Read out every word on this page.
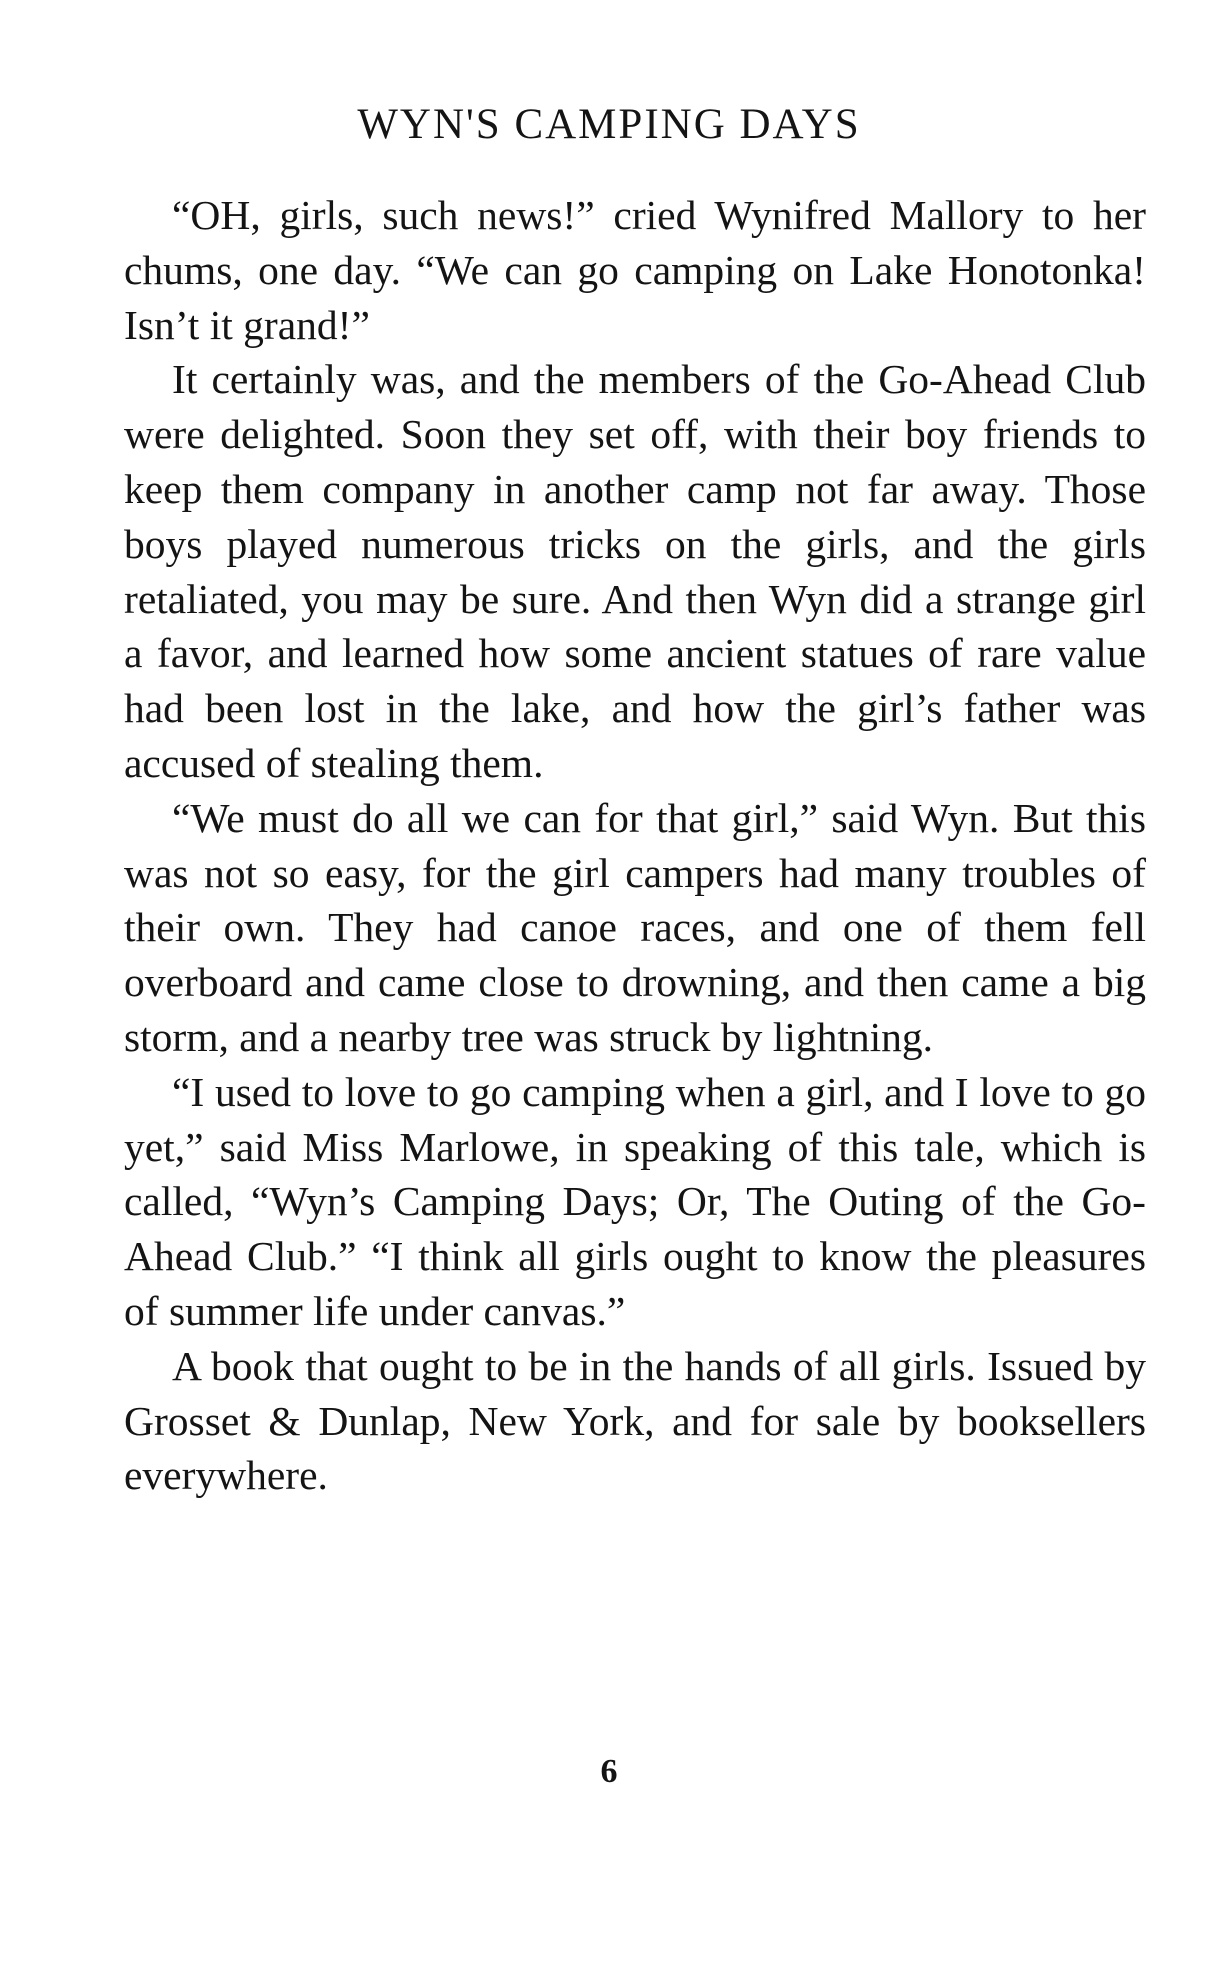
WYN'S CAMPING DAYS

“OH, girls, such news!” cried Wynifred Mallory to her chums, one day. “We can go camping on Lake Honotonka! Isn’t it grand!”

It certainly was, and the members of the Go-Ahead Club were delighted. Soon they set off, with their boy friends to keep them company in another camp not far away. Those boys played numerous tricks on the girls, and the girls retaliated, you may be sure. And then Wyn did a strange girl a favor, and learned how some ancient statues of rare value had been lost in the lake, and how the girl’s father was accused of stealing them.

“We must do all we can for that girl,” said Wyn. But this was not so easy, for the girl campers had many troubles of their own. They had canoe races, and one of them fell overboard and came close to drowning, and then came a big storm, and a nearby tree was struck by lightning.

“I used to love to go camping when a girl, and I love to go yet,” said Miss Marlowe, in speaking of this tale, which is called, “Wyn’s Camping Days; Or, The Outing of the Go-Ahead Club.” “I think all girls ought to know the pleasures of summer life under canvas.”

A book that ought to be in the hands of all girls. Issued by Grosset & Dunlap, New York, and for sale by booksellers everywhere.

6
